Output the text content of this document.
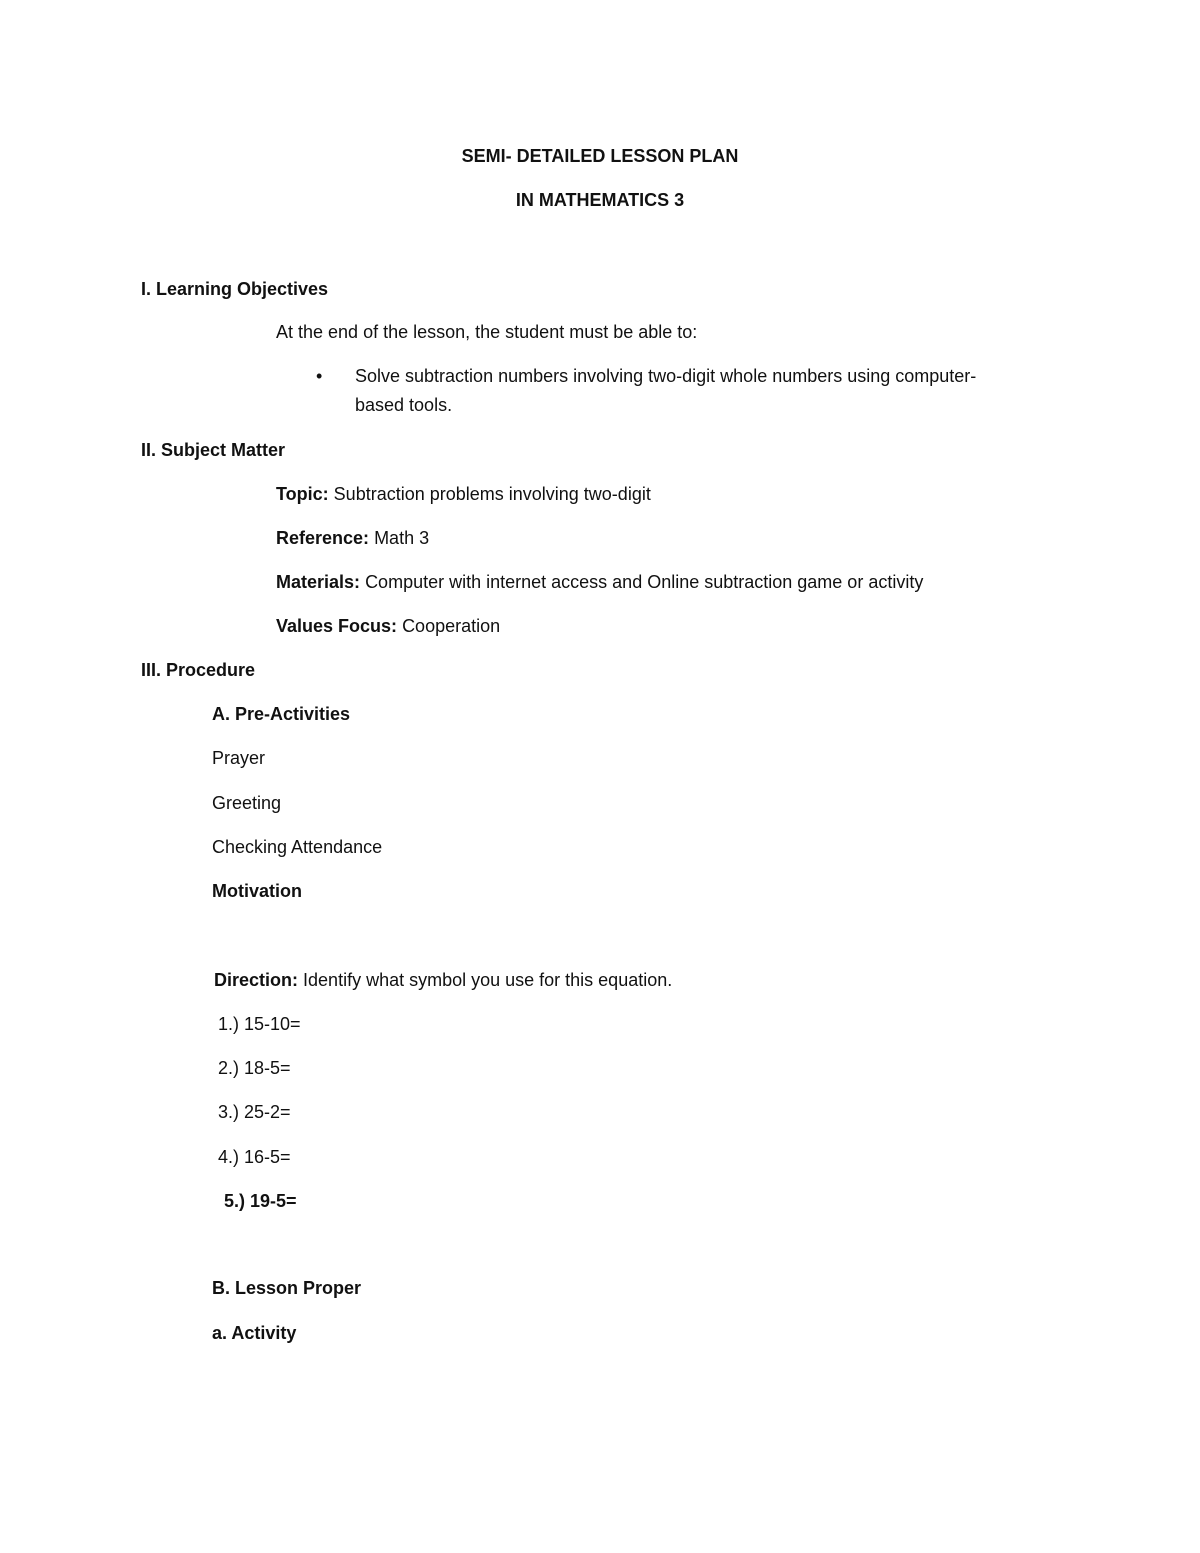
SEMI- DETAILED LESSON PLAN
IN MATHEMATICS 3
I. Learning Objectives
At the end of the lesson, the student must be able to:
• Solve subtraction numbers involving two-digit whole numbers using computer-
based tools.
II. Subject Matter
Topic: Subtraction problems involving two-digit
Reference: Math 3
Materials: Computer with internet access and Online subtraction game or activity
Values Focus: Cooperation
III. Procedure
A. Pre-Activities
Prayer
Greeting
Checking Attendance
Motivation
Direction: Identify what symbol you use for this equation.
1.) 15-10=
2.) 18-5=
3.) 25-2=
4.) 16-5=
5.) 19-5=
B. Lesson Proper
a. Activity
